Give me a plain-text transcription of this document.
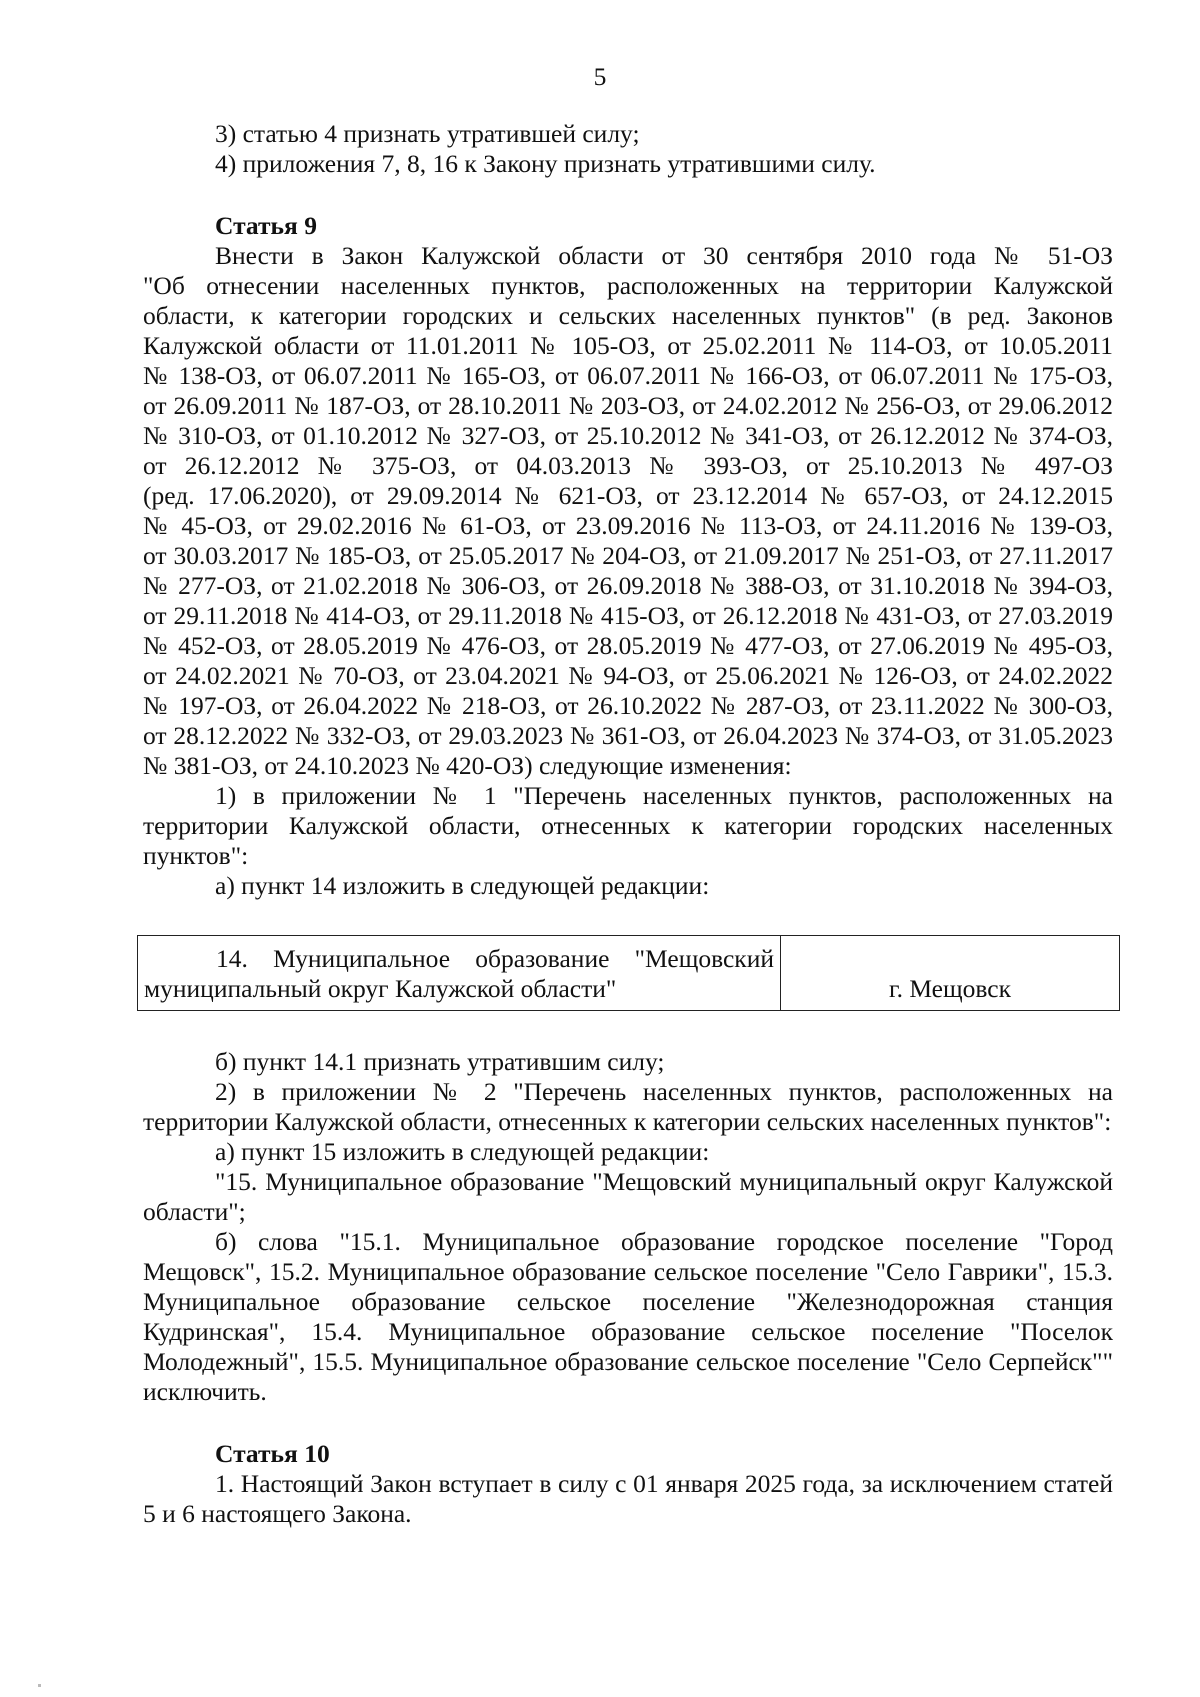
5

3) статью 4 признать утратившей силу;

4) приложения 7, 8, 16 к Закону признать утратившими силу.

Статья 9

Внести в Закон Калужской области от 30 сентября 2010 года № 51-ОЗ

"Об отнесении населенных пунктов, расположенных на территории Калужской

области, к категории городских и сельских населенных пунктов" (в ред. Законов

Калужской области от 11.01.2011 № 105-ОЗ, от 25.02.2011 № 114-ОЗ, от 10.05.2011

№ 138-ОЗ, от 06.07.2011 № 165-ОЗ, от 06.07.2011 № 166-ОЗ, от 06.07.2011 № 175-ОЗ,

от 26.09.2011 № 187-ОЗ, от 28.10.2011 № 203-ОЗ, от 24.02.2012 № 256-ОЗ, от 29.06.2012

№ 310-ОЗ, от 01.10.2012 № 327-ОЗ, от 25.10.2012 № 341-ОЗ, от 26.12.2012 № 374-ОЗ,

от 26.12.2012 № 375-ОЗ, от 04.03.2013 № 393-ОЗ, от 25.10.2013 № 497-ОЗ

(ред. 17.06.2020), от 29.09.2014 № 621-ОЗ, от 23.12.2014 № 657-ОЗ, от 24.12.2015

№ 45-ОЗ, от 29.02.2016 № 61-ОЗ, от 23.09.2016 № 113-ОЗ, от 24.11.2016 № 139-ОЗ,

от 30.03.2017 № 185-ОЗ, от 25.05.2017 № 204-ОЗ, от 21.09.2017 № 251-ОЗ, от 27.11.2017

№ 277-ОЗ, от 21.02.2018 № 306-ОЗ, от 26.09.2018 № 388-ОЗ, от 31.10.2018 № 394-ОЗ,

от 29.11.2018 № 414-ОЗ, от 29.11.2018 № 415-ОЗ, от 26.12.2018 № 431-ОЗ, от 27.03.2019

№ 452-ОЗ, от 28.05.2019 № 476-ОЗ, от 28.05.2019 № 477-ОЗ, от 27.06.2019 № 495-ОЗ,

от 24.02.2021 № 70-ОЗ, от 23.04.2021 № 94-ОЗ, от 25.06.2021 № 126-ОЗ, от 24.02.2022

№ 197-ОЗ, от 26.04.2022 № 218-ОЗ, от 26.10.2022 № 287-ОЗ, от 23.11.2022 № 300-ОЗ,

от 28.12.2022 № 332-ОЗ, от 29.03.2023 № 361-ОЗ, от 26.04.2023 № 374-ОЗ, от 31.05.2023

№ 381-ОЗ, от 24.10.2023 № 420-ОЗ) следующие изменения:

1) в приложении № 1 "Перечень населенных пунктов, расположенных на территории Калужской области, отнесенных к категории городских населенных пунктов":

а) пункт 14 изложить в следующей редакции:

14. Муниципальное образование "Мещовский

муниципальный округ Калужской области"	г. Мещовск

б) пункт 14.1 признать утратившим силу;

2) в приложении № 2 "Перечень населенных пунктов, расположенных на территории Калужской области, отнесенных к категории сельских населенных пунктов":

а) пункт 15 изложить в следующей редакции:

"15. Муниципальное образование "Мещовский муниципальный округ Калужской области";

б) слова "15.1. Муниципальное образование городское поселение "Город Мещовск", 15.2. Муниципальное образование сельское поселение "Село Гаврики", 15.3. Муниципальное образование сельское поселение "Железнодорожная станция Кудринская", 15.4. Муниципальное образование сельское поселение "Поселок Молодежный", 15.5. Муниципальное образование сельское поселение "Село Серпейск"" исключить.

Статья 10

1. Настоящий Закон вступает в силу с 01 января 2025 года, за исключением статей 5 и 6 настоящего Закона.
